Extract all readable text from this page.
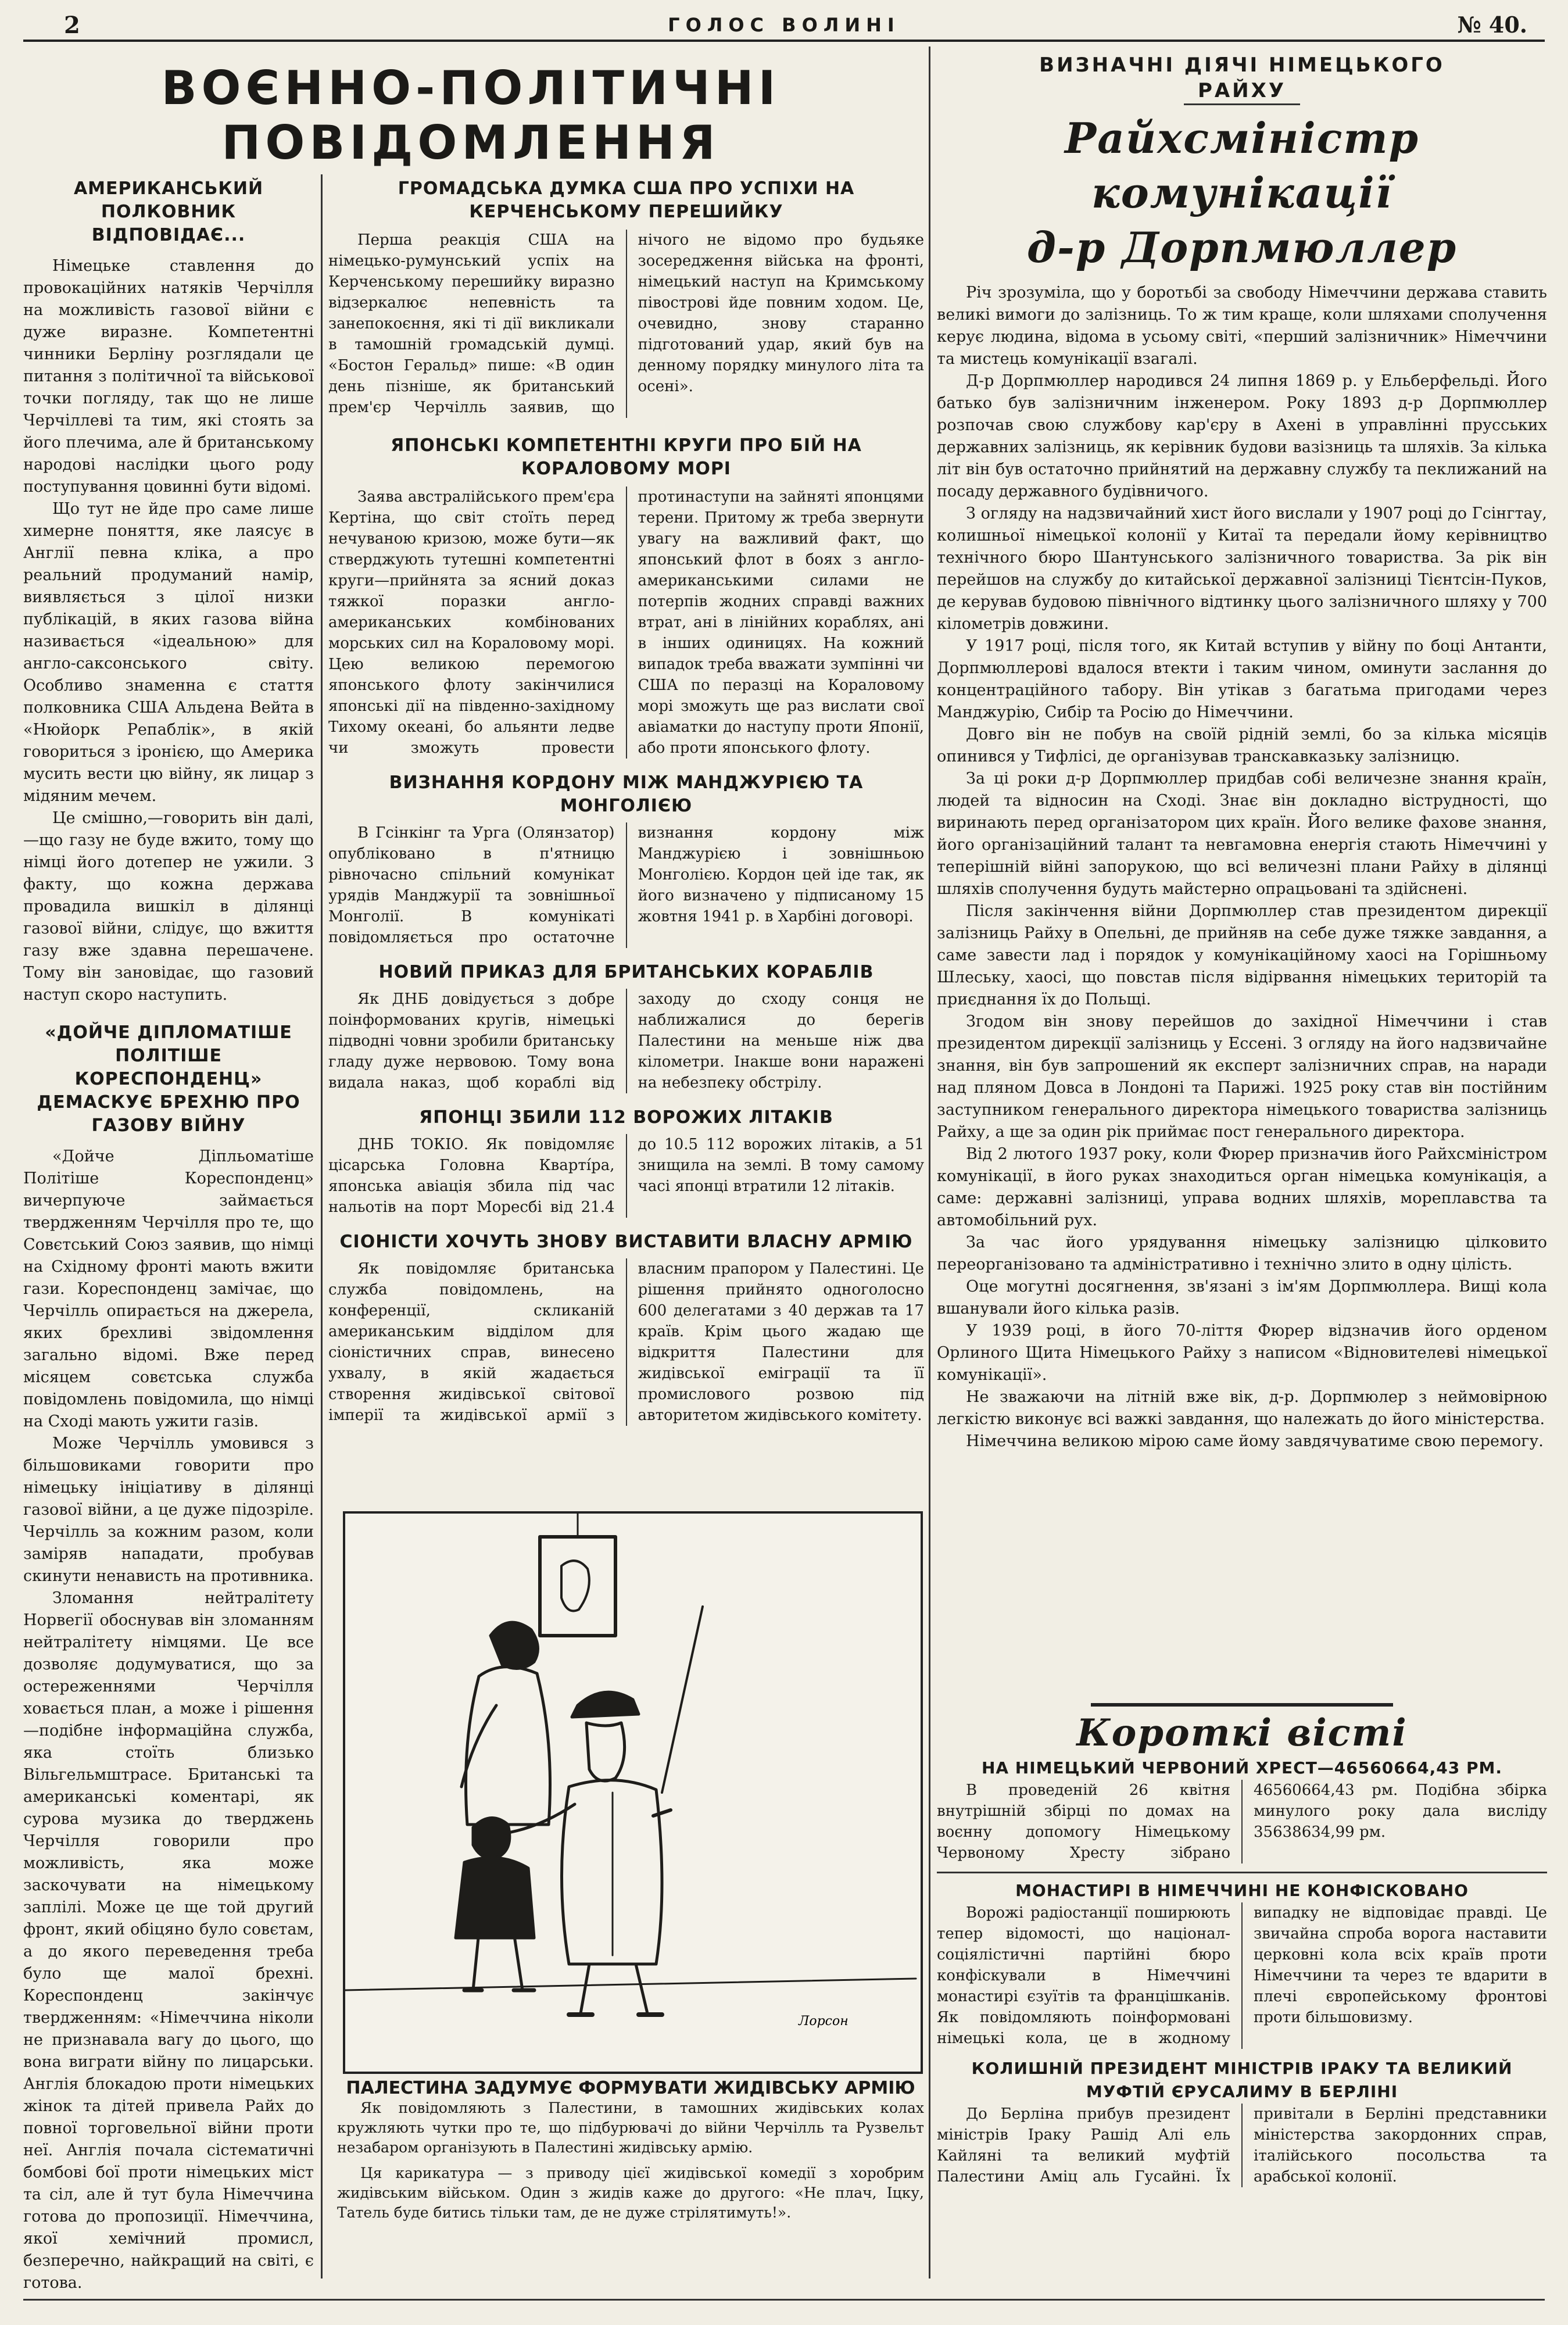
2	ГОЛОС ВОЛИНІ	№ 40.
ВОЄННО-ПОЛІТИЧНІ
ПОВІДОМЛЕННЯ
АМЕРИКАНСЬКИЙ ПОЛКОВНИК ВІДПОВІДАЄ...

Німецьке ставлення до провокаційних натяків Черчілля на можливість газової війни є дуже виразне. Компетентні чинники Берліну розглядали це питання з політичної та військової точки погляду, так що не лише Черчіллеві та тим, які стоять за його плечима, але й британському народові наслідки цього роду поступування цовинні бути відомі.

Що тут не йде про саме лише химерне поняття, яке лаясує в Англії певна кліка, а про реальний продуманий намір, виявляється з цілої низки публікацій, в яких газова війна називається «ідеальною» для англо-саксонського світу. Особливо знаменна є стаття полковника США Альдена Вейта в «Нюйорк Репаблік», в якій говориться з іронією, що Америка мусить вести цю війну, як лицар з мідяним мечем.

Це смішно,—говорить він далі,—що газу не буде вжито, тому що німці його дотепер не ужили. З факту, що кожна держава провадила вишкіл в ділянці газової війни, слідує, що вжиття газу вже здавна перешачене. Тому він зановідає, що газовий наступ скоро наступить.

«ДОЙЧЕ ДІПЛОМАТІШЕ ПОЛІТІШЕ КОРЕСПОНДЕНЦ» ДЕМАСКУЄ БРЕХНЮ ПРО ГАЗОВУ ВІЙНУ

«Дойче Діпльоматіше Політіше Кореспонденц» вичерпуюче займається твердженням Черчілля про те, що Совєтський Союз заявив, що німці на Східному фронті мають вжити гази. Кореспонденц замічає, що Черчілль опирається на джерела, яких брехливі звідомлення загально відомі. Вже перед місяцем совєтська служба повідомлень повідомила, що німці на Сході мають ужити газів.

Може Черчілль умовився з більшовиками говорити про німецьку ініціативу в ділянці газової війни, а це дуже підозріле. Черчілль за кожним разом, коли заміряв нападати, пробував скинути ненависть на противника.

Зломання нейтралітету Норвегії обоснував він зломанням нейтралітету німцями. Це все дозволяє додумуватися, що за остереженнями Черчілля ховається план, а може і рішення—подібне інформаційна служба, яка стоїть близько Вільгельмштрасе. Британські та американські коментарі, як сурова музика до тверджень Черчілля говорили про можливість, яка може заскочувати на німецькому заплілі. Може це ще той другий фронт, який обіцяно було совєтам, а до якого переведення треба було ще малої брехні. Кореспонденц закінчує твердженням: «Німеччина ніколи не признавала вагу до цього, що вона виграти війну по лицарськи. Англія блокадою проти німецьких жінок та дітей привела Райх до повної торговельної війни проти неї. Англія почала сістематичні бомбові бої проти німецьких міст та сіл, але й тут була Німеччина готова до пропозиції. Німеччина, якої хемічний промисл, безперечно, найкращий на світі, є готова.

ГРОМАДСЬКА ДУМКА США ПРО УСПІХИ НА КЕРЧЕНСЬКОМУ ПЕРЕШИЙКУ

Перша реакція США на німецько-румунський успіх на Керченському перешийку виразно відзеркалює непевність та занепокоєння, які ті дії викликали в тамошній громадській думці. «Бостон Геральд» пише: «В один день пізніше, як британський прем'єр Черчілль заявив, що нічого не відомо про будьяке зосередження війська на фронті, німецький наступ на Кримському півострові йде повним ходом. Це, очевидно, знову старанно підготований удар, який був на денному порядку минулого літа та осені».

ЯПОНСЬКІ КОМПЕТЕНТНІ КРУГИ ПРО БІЙ НА КОРАЛОВОМУ МОРІ

Заява австралійського прем'єра Кертіна, що світ стоїть перед нечуваною кризою, може бути—як стверджують тутешні компетентні круги—прийнята за ясний доказ тяжкої поразки англо-американських комбінованих морських сил на Кораловому морі. Цею великою перемогою японського флоту закінчилися японські дії на південно-західному Тихому океані, бо альянти ледве чи зможуть провести протинаступи на зайняті японцями терени. Притому ж треба звернути увагу на важливий факт, що японський флот в боях з англо-американськими силами не потерпів жодних справді важних втрат, ані в лінійних кораблях, ані в інших одиницях. На кожний випадок треба вважати зумпінні чи США по перазці на Кораловому морі зможуть ще раз вислати свої авіаматки до наступу проти Японії, або проти японського флоту.

ВИЗНАННЯ КОРДОНУ МІЖ МАНДЖУРІЄЮ ТА МОНГОЛІЄЮ

В Гсінкінг та Урга (Олянзатор) опубліковано в п'ятницю рівночасно спільний комунікат урядів Манджурії та зовнішньої Монголії. В комунікаті повідомляється про остаточне визнання кордону між Манджурією і зовнішньою Монголією. Кордон цей іде так, як його визначено у підписаному 15 жовтня 1941 р. в Харбіні договорі.

НОВИЙ ПРИКАЗ ДЛЯ БРИТАНСЬКИХ КОРАБЛІВ

Як ДНБ довідується з добре поінформованих кругів, німецькі підводні човни зробили британську гладу дуже нервовою. Тому вона видала наказ, щоб кораблі від заходу до сходу сонця не наближалися до берегів Палестини на меньше ніж два кілометри. Інакше вони наражені на небезпеку обстрілу.

ЯПОНЦІ ЗБИЛИ 112 ВОРОЖИХ ЛІТАКІВ

ДНБ ТОКІО. Як повідомляє цісарська Головна Кварті́ра, японська авіація збила під час нальотів на порт Моресбі від 21.4 до 10.5 112 ворожих літаків, а 51 знищила на землі. В тому самому часі японці втратили 12 літаків.

СІОНІСТИ ХОЧУТЬ ЗНОВУ ВИСТАВИТИ ВЛАСНУ АРМІЮ

Як повідомляє британська служба повідомлень, на конференції, скликаній американським відділом для сіоністичних справ, винесено ухвалу, в якій жадається створення жидівської світової імперії та жидівської армії з власним прапором у Палестині. Це рішення прийнято одноголосно 600 делегатами з 40 держав та 17 країв. Крім цього жадаю ще відкриття Палестини для жидівської еміграції та її промислового розвою під авторитетом жидівського комітету.

Лорсон
ПАЛЕСТИНА ЗАДУМУЄ ФОРМУВАТИ ЖИДІВСЬКУ АРМІЮ

Як повідомляють з Палестини, в тамошних жидівських колах кружляють чутки про те, що підбурювачі до війни Черчілль та Рузвельт незабаром організують в Палестині жидівську армію.

Ця карикатура — з приводу цієї жидівської комедії з хоробрим жидівським військом. Один з жидів каже до другого: «Не плач, Іцку, Татель буде битись тільки там, де не дуже стрілятимуть!».

ВИЗНАЧНІ ДІЯЧІ НІМЕЦЬКОГО
РАЙХУ
Райхсміністр комунікації
д-р Дорпмюллер

Річ зрозуміла, що у боротьбі за свободу Німеччини держава ставить великі вимоги до залізниць. То ж тим краще, коли шляхами сполучення керує людина, відома в усьому світі, «перший залізничник» Німеччини та мистець комунікації взагалі.

Д-р Дорпмюллер народився 24 липня 1869 р. у Ельберфельді. Його батько був залізничним інженером. Року 1893 д-р Дорпмюллер розпочав свою службову кар'єру в Ахені в управлінні прусських державних залізниць, як керівник будови вазізниць та шляхів. За кілька літ він був остаточно прийнятий на державну службу та пеклижаний на посаду державного будівничого.

З огляду на надзвичайний хист його вислали у 1907 році до Гсінгтау, колишньої німецької колонії у Китаї та передали йому керівництво технічного бюро Шантунського залізничного товариства. За рік він перейшов на службу до китайської державної залізниці Тієнтсін-Пуков, де керував будовою північного відтинку цього залізничного шляху у 700 кілометрів довжини.

У 1917 році, після того, як Китай вступив у війну по боці Антанти, Дорпмюллерові вдалося втекти і таким чином, оминути заслання до концентраційного табору. Він утікав з багатьма пригодами через Манджурію, Сибір та Росію до Німеччини.

Довго він не побув на своїй рідній землі, бо за кілька місяців опинився у Тифлісі, де організував транскавказьку залізницю.

За ці роки д-р Дорпмюллер придбав собі величезне знання країн, людей та відносин на Сході. Знає він докладно віструдності, що виринають перед організатором цих країн. Його велике фахове знання, його організаційний талант та невгамовна енергія стають Німеччині у теперішній війні запорукою, що всі величезні плани Райху в ділянці шляхів сполучення будуть майстерно опрацьовані та здійснені.

Після закінчення війни Дорпмюллер став президентом дирекції залізниць Райху в Опельні, де прийняв на себе дуже тяжке завдання, а саме завести лад і порядок у комунікаційному хаосі на Горішньому Шлеську, хаосі, що повстав після відірвання німецьких територій та приєднання їх до Польщі.

Згодом він знову перейшов до західної Німеччини і став президентом дирекції залізниць у Ессені. З огляду на його надзвичайне знання, він був запрошений як експерт залізничних справ, на наради над пляном Довса в Лондоні та Парижі. 1925 року став він постійним заступником генерального директора німецького товариства залізниць Райху, а ще за один рік приймає пост генерального директора.

Від 2 лютого 1937 року, коли Фюрер призначив його Райхсміністром комунікації, в його руках знаходиться орган німецька комунікація, а саме: державні залізниці, управа водних шляхів, мореплавства та автомобільний рух.

За час його урядування німецьку залізницю цілковито переорганізовано та адміністративно і технічно злито в одну цілість.

Оце могутні досягнення, зв'язані з ім'ям Дорпмюллера. Вищі кола вшанували його кілька разів.

У 1939 році, в його 70-ліття Фюрер відзначив його орденом Орлиного Щита Німецького Райху з написом «Відновителеві німецької комунікації».

Не зважаючи на літній вже вік, д-р. Дорпмюлер з неймовірною легкістю виконує всі важкі завдання, що належать до його міністерства.

Німеччина великою мірою саме йому завдячуватиме свою перемогу.

Короткі вісті
НА НІМЕЦЬКИЙ ЧЕРВОНИЙ ХРЕСТ—46560664,43 РМ.

В проведеній 26 квітня внутрішній збірці по домах на воєнну допомогу Німецькому Червоному Хресту зібрано 46560664,43 рм. Подібна збірка минулого року дала висліду 35638634,99 рм.

МОНАСТИРІ В НІМЕЧЧИНІ НЕ КОНФІСКОВАНО

Ворожі радіостанції поширюють тепер відомості, що націонал-соціялістичні партійні бюро конфіскували в Німеччині монастирі єзуїтів та францішканів. Як повідомляють поінформовані німецькі кола, це в жодному випадку не відповідає правді. Це звичайна спроба ворога наставити церковні кола всіх країв проти Німеччини та через те вдарити в плечі європейському фронтові проти більшовизму.

КОЛИШНІЙ ПРЕЗИДЕНТ МІНІСТРІВ ІРАКУ ТА ВЕЛИКИЙ МУФТІЙ ЄРУСАЛИМУ В БЕРЛІНІ

До Берліна прибув президент міністрів Іраку Рашід Алі ель Кайляні та великий муфтій Палестини Аміц аль Гусайні. Їх привітали в Берліні представники міністерства закордонних справ, італійського посольства та арабської колонії.
